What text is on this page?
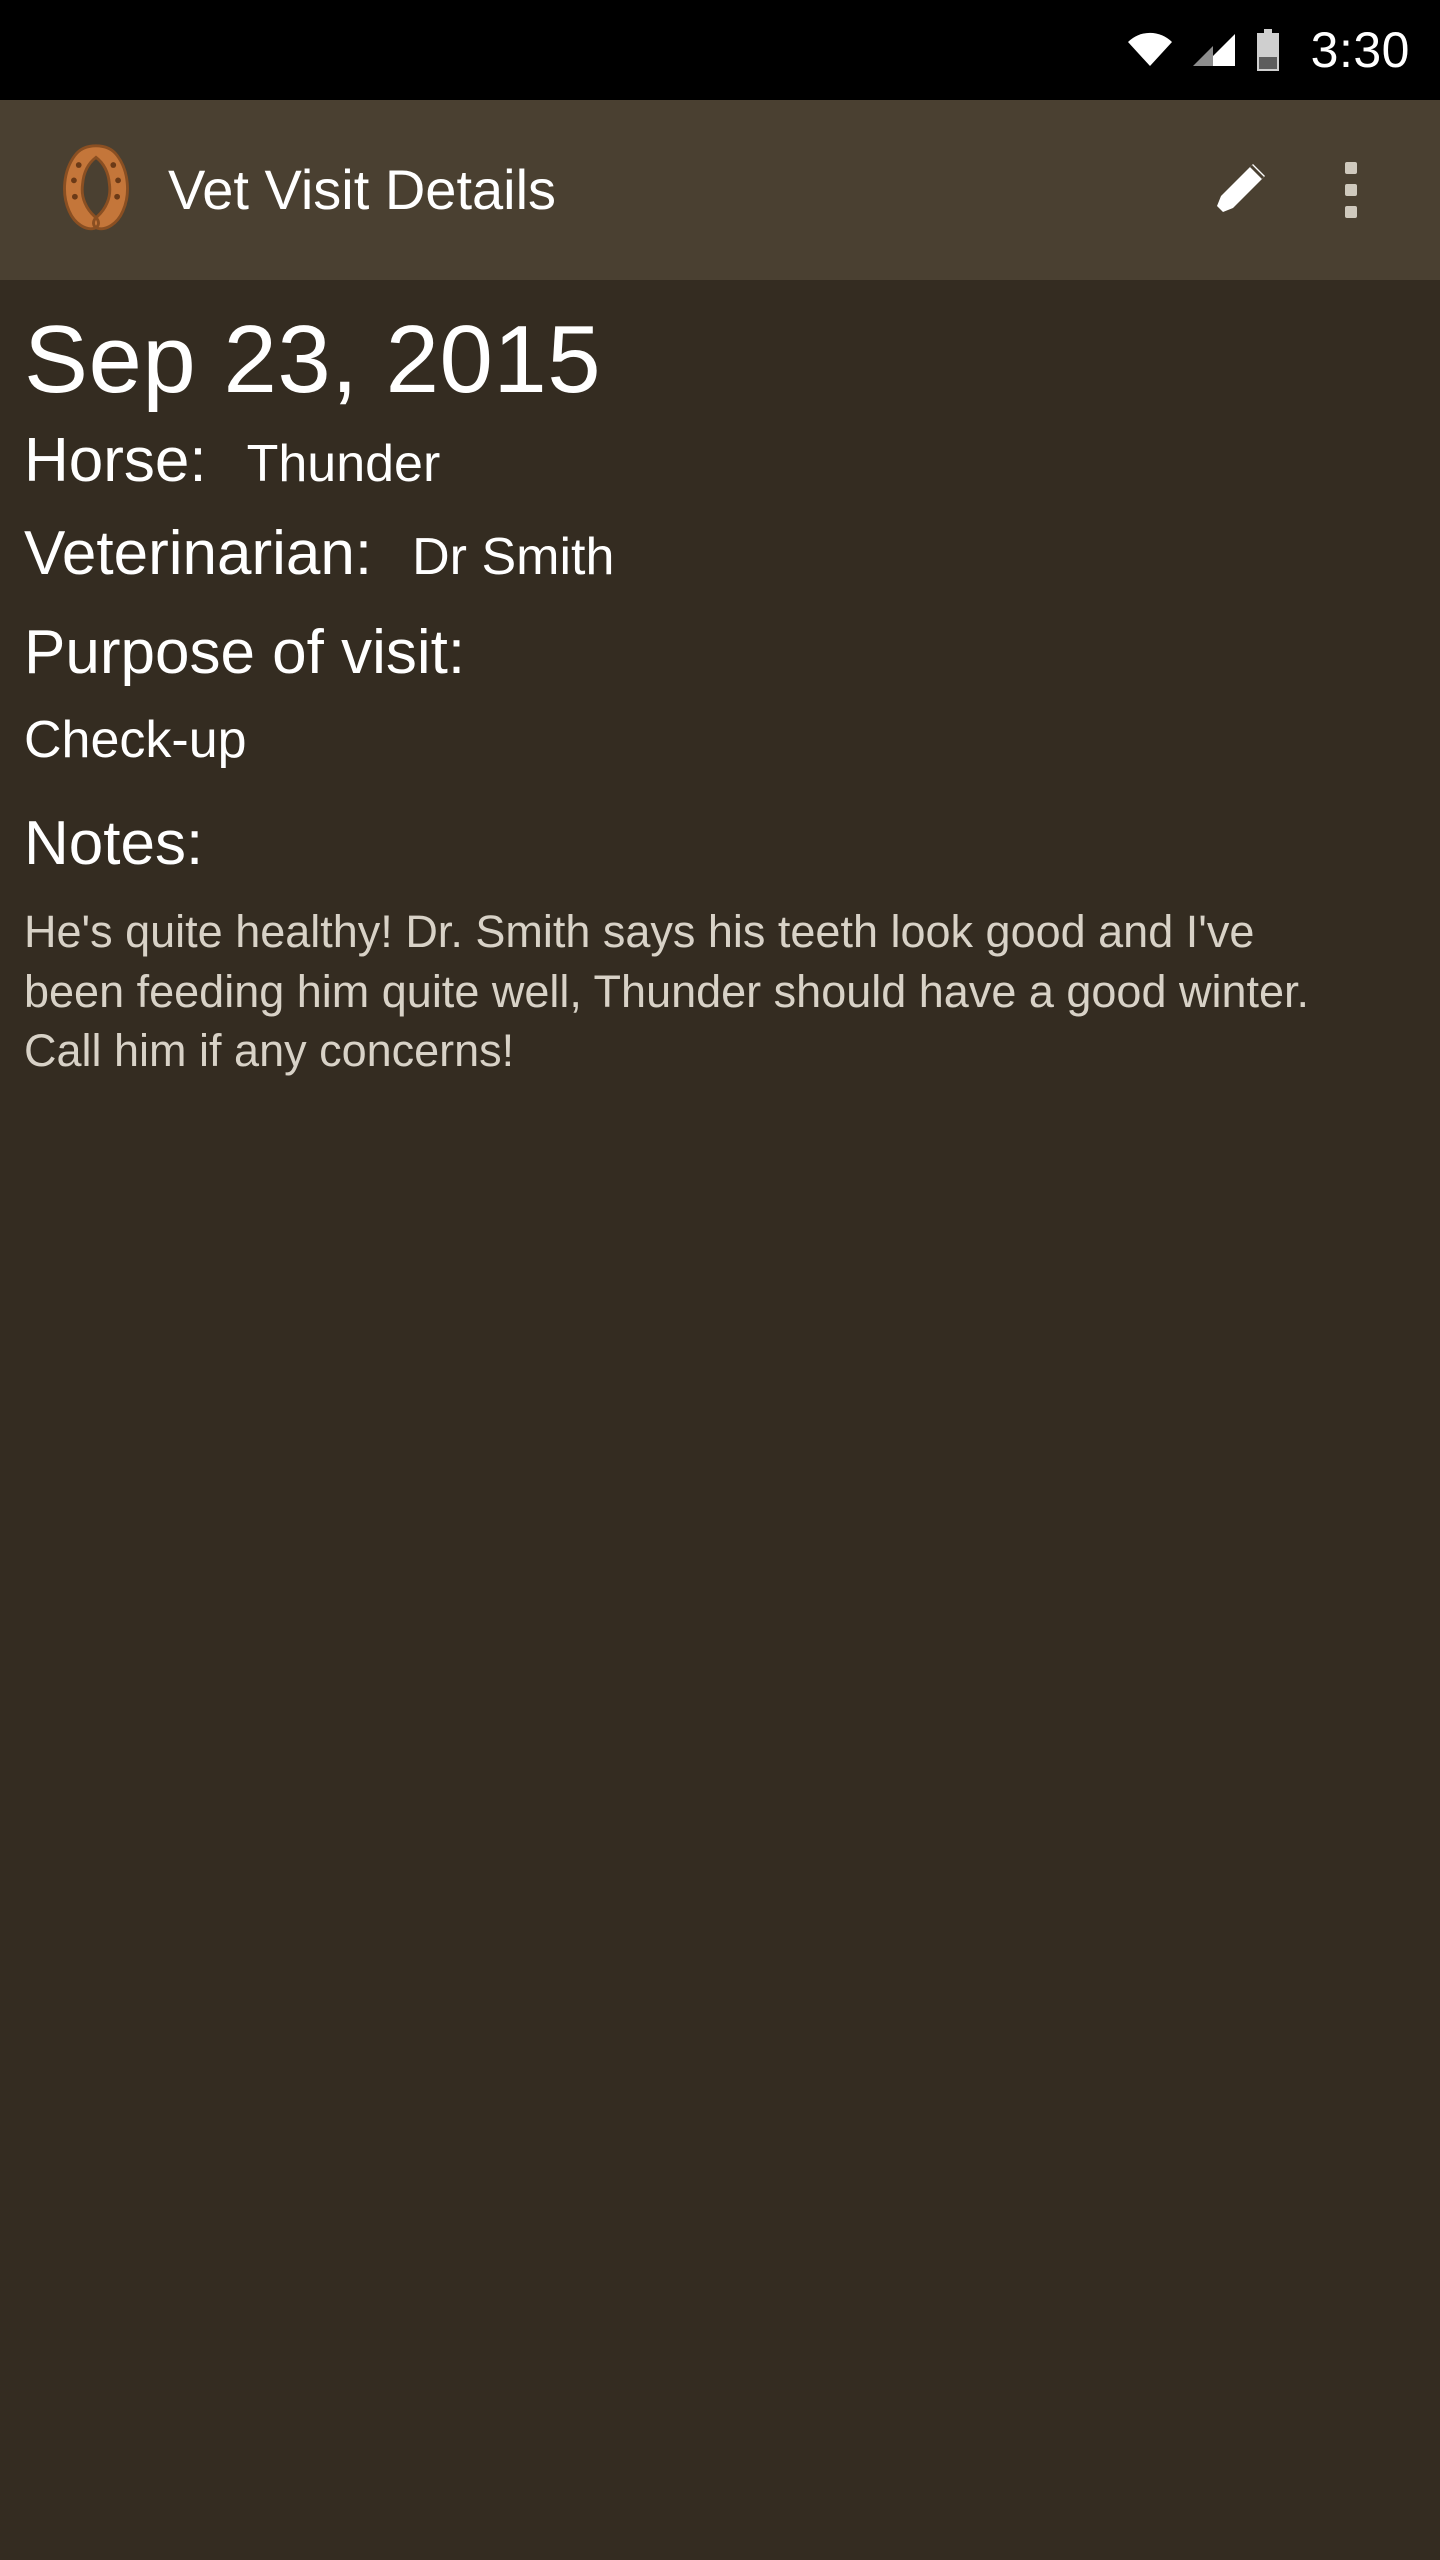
3:30
Vet Visit Details
Sep 23, 2015
Horse: Thunder
Veterinarian: Dr Smith
Purpose of visit:
Check-up
Notes:
He's quite healthy! Dr. Smith says his teeth look good and I've been feeding him quite well, Thunder should have a good winter. Call him if any concerns!
